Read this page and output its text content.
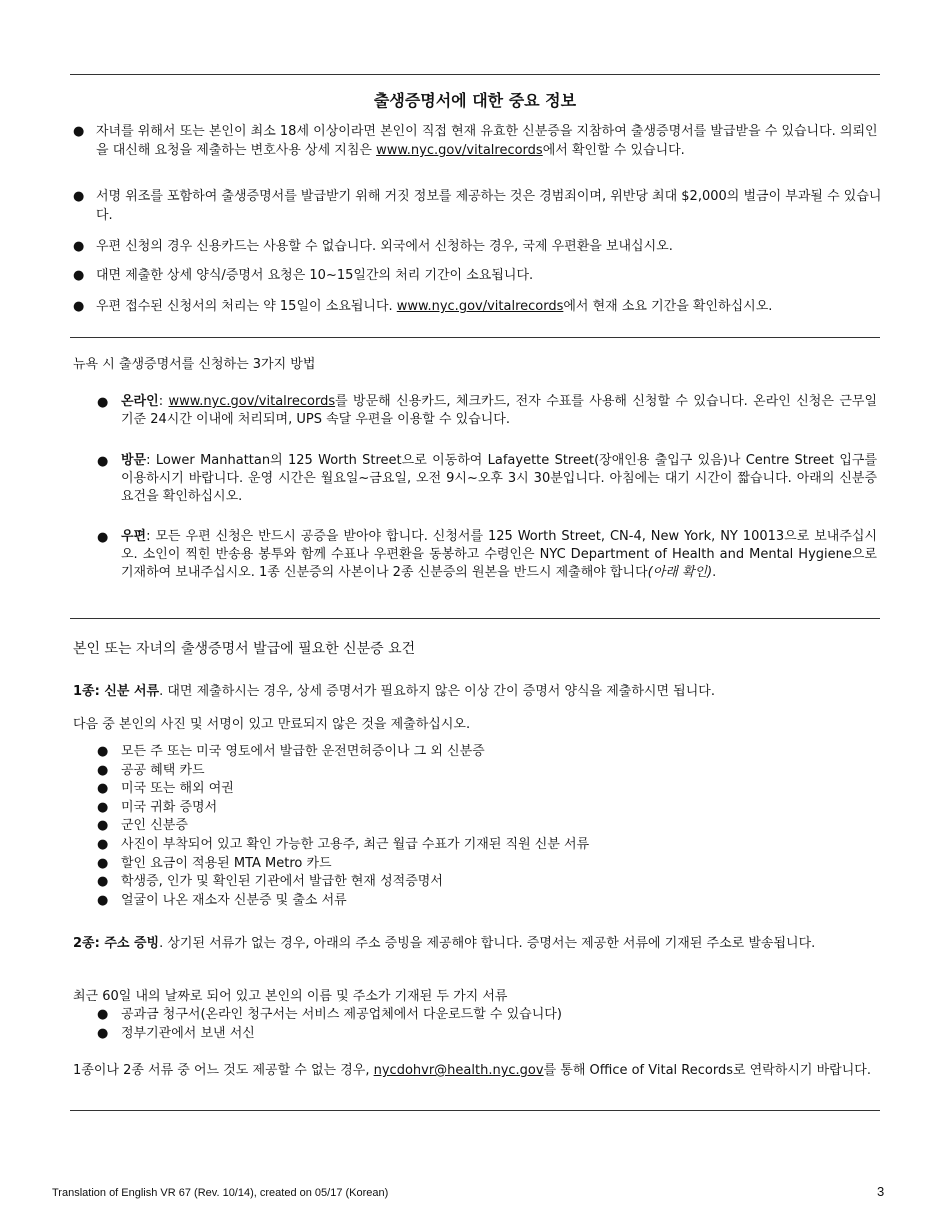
출생증명서에 대한 중요 정보
● 자녀를 위해서 또는 본인이 최소 18세 이상이라면 본인이 직접 현재 유효한 신분증을 지참하여 출생증명서를 발급받을 수 있습니다. 의뢰인을 대신해 요청을 제출하는 변호사용 상세 지침은 www.nyc.gov/vitalrecords에서 확인할 수 있습니다.
● 서명 위조를 포함하여 출생증명서를 발급받기 위해 거짓 정보를 제공하는 것은 경범죄이며, 위반당 최대 $2,000의 벌금이 부과될 수 있습니다.
● 우편 신청의 경우 신용카드는 사용할 수 없습니다. 외국에서 신청하는 경우, 국제 우편환을 보내십시오.
● 대면 제출한 상세 양식/증명서 요청은 10~15일간의 처리 기간이 소요됩니다.
● 우편 접수된 신청서의 처리는 약 15일이 소요됩니다. www.nyc.gov/vitalrecords에서 현재 소요 기간을 확인하십시오.
뉴욕 시 출생증명서를 신청하는 3가지 방법
● 온라인: www.nyc.gov/vitalrecords를 방문해 신용카드, 체크카드, 전자 수표를 사용해 신청할 수 있습니다. 온라인 신청은 근무일 기준 24시간 이내에 처리되며, UPS 속달 우편을 이용할 수 있습니다.
● 방문: Lower Manhattan의 125 Worth Street으로 이동하여 Lafayette Street(장애인용 출입구 있음)나 Centre Street 입구를 이용하시기 바랍니다. 운영 시간은 월요일~금요일, 오전 9시~오후 3시 30분입니다. 아침에는 대기 시간이 짧습니다. 아래의 신분증 요건을 확인하십시오.
● 우편: 모든 우편 신청은 반드시 공증을 받아야 합니다. 신청서를 125 Worth Street, CN-4, New York, NY 10013으로 보내주십시오. 소인이 찍힌 반송용 봉투와 함께 수표나 우편환을 동봉하고 수령인은 NYC Department of Health and Mental Hygiene으로 기재하여 보내주십시오. 1종 신분증의 사본이나 2종 신분증의 원본을 반드시 제출해야 합니다(아래 확인).
본인 또는 자녀의 출생증명서 발급에 필요한 신분증 요건
1종: 신분 서류. 대면 제출하시는 경우, 상세 증명서가 필요하지 않은 이상 간이 증명서 양식을 제출하시면 됩니다.
다음 중 본인의 사진 및 서명이 있고 만료되지 않은 것을 제출하십시오.
● 모든 주 또는 미국 영토에서 발급한 운전면허증이나 그 외 신분증
● 공공 혜택 카드
● 미국 또는 해외 여권
● 미국 귀화 증명서
● 군인 신분증
● 사진이 부착되어 있고 확인 가능한 고용주, 최근 월급 수표가 기재된 직원 신분 서류
● 할인 요금이 적용된 MTA Metro 카드
● 학생증, 인가 및 확인된 기관에서 발급한 현재 성적증명서
● 얼굴이 나온 재소자 신분증 및 출소 서류
2종: 주소 증빙. 상기된 서류가 없는 경우, 아래의 주소 증빙을 제공해야 합니다. 증명서는 제공한 서류에 기재된 주소로 발송됩니다.
최근 60일 내의 날짜로 되어 있고 본인의 이름 및 주소가 기재된 두 가지 서류
● 공과금 청구서(온라인 청구서는 서비스 제공업체에서 다운로드할 수 있습니다)
● 정부기관에서 보낸 서신
1종이나 2종 서류 중 어느 것도 제공할 수 없는 경우, nycdohvr@health.nyc.gov를 통해 Office of Vital Records로 연락하시기 바랍니다.
Translation of English VR 67 (Rev. 10/14), created on 05/17 (Korean)	3
